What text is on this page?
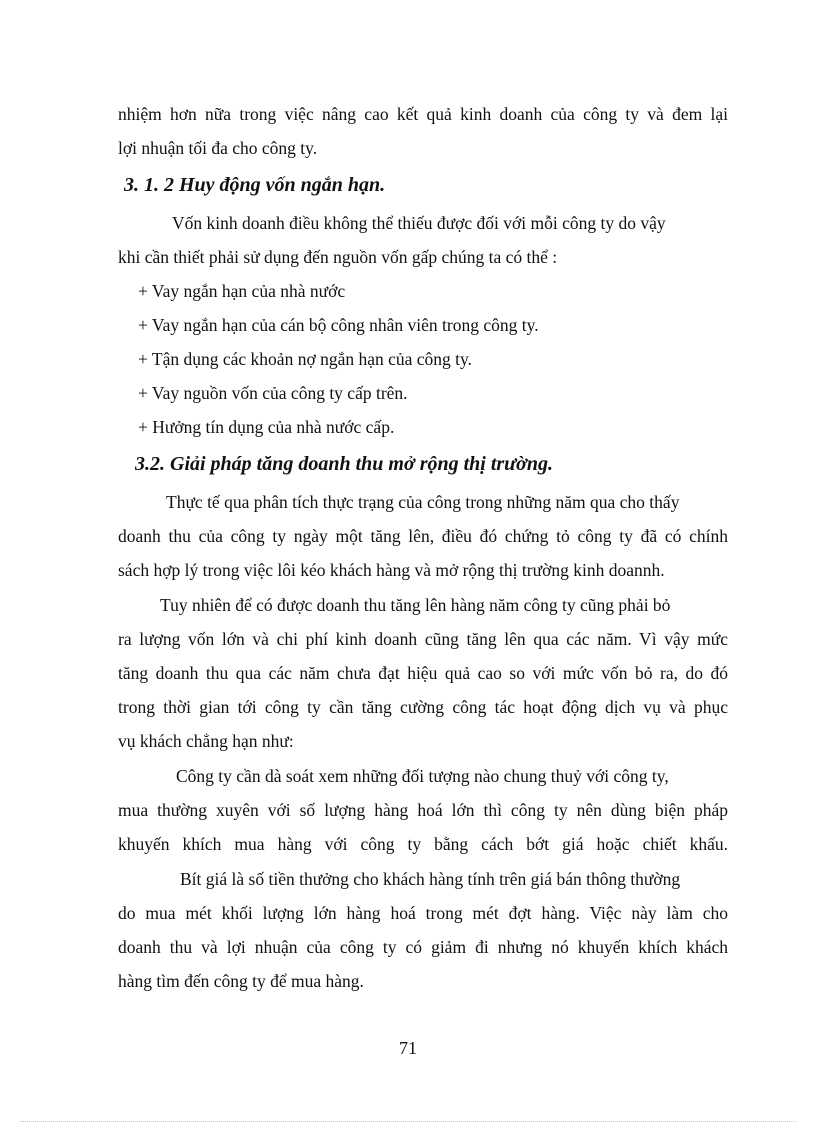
nhiệm hơn nữa trong việc nâng cao kết quả kinh doanh của công ty và đem lại
lợi nhuận tối đa cho công ty.
3. 1. 2 Huy động vốn ngắn hạn.
Vốn kinh doanh điều không thể thiếu được đối với mỗi công ty do vậy
khi cần thiết phải sử dụng đến nguồn vốn gấp chúng ta có thể :
+ Vay ngắn hạn của nhà nước
+ Vay ngắn hạn của cán bộ công nhân viên trong công ty.
+ Tận dụng các khoản nợ ngắn hạn của công ty.
+ Vay nguồn vốn của công ty cấp trên.
+ Hưởng tín dụng của nhà nước cấp.
3.2. Giải pháp tăng doanh thu mở rộng thị trường.
Thực tế qua phân tích thực trạng của công trong những năm qua cho thấy
doanh thu của công ty ngày một tăng lên, điều đó chứng tỏ công ty đã có chính
sách hợp lý trong việc lôi kéo khách hàng và mở rộng thị trường kinh doannh.
Tuy nhiên để có được doanh thu tăng lên hàng năm công ty cũng phải bỏ
ra lượng vốn lớn và chi phí kinh doanh cũng tăng lên qua các năm. Vì vậy mức
tăng doanh thu qua các năm chưa đạt hiệu quả cao so với mức vốn bỏ ra, do đó
trong thời gian tới công ty cần tăng cường công tác hoạt động dịch vụ và phục
vụ khách chẳng hạn như:
Công ty cần dà soát xem những đối tượng nào chung thuỷ với công ty,
mua thường xuyên với số lượng hàng hoá lớn thì công ty nên dùng biện pháp
khuyến khích mua hàng với công ty bằng cách bớt giá hoặc chiết khấu.
Bít giá là số tiền thưởng cho khách hàng tính trên giá bán thông thường
do mua mét khối lượng lớn hàng hoá trong mét đợt hàng. Việc này làm cho
doanh thu và lợi nhuận của công ty có giảm đi nhưng nó khuyến khích khách
hàng tìm đến công ty để mua hàng.
71
